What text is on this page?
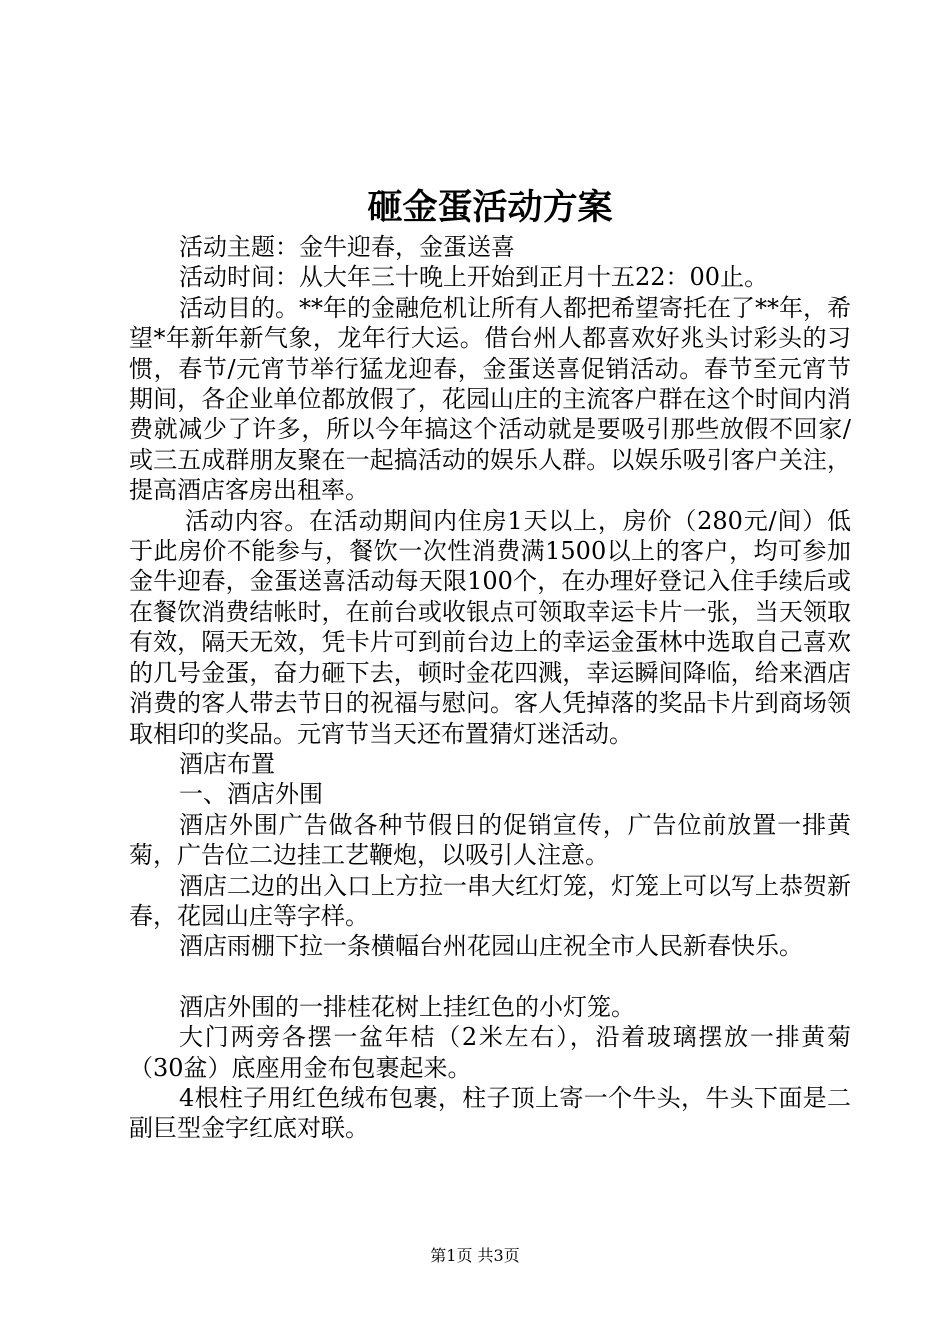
砸金蛋活动方案

活动主题：金牛迎春，金蛋送喜

活动时间：从大年三十晚上开始到正月十五22：00止。

活动目的。**年的金融危机让所有人都把希望寄托在了**年，希望*年新年新气象，龙年行大运。借台州人都喜欢好兆头讨彩头的习惯，春节/元宵节举行猛龙迎春，金蛋送喜促销活动。春节至元宵节期间，各企业单位都放假了，花园山庄的主流客户群在这个时间内消费就减少了许多，所以今年搞这个活动就是要吸引那些放假不回家/或三五成群朋友聚在一起搞活动的娱乐人群。以娱乐吸引客户关注，提高酒店客房出租率。

活动内容。在活动期间内住房1天以上，房价（280元/间）低于此房价不能参与，餐饮一次性消费满1500以上的客户，均可参加金牛迎春，金蛋送喜活动每天限100个，在办理好登记入住手续后或在餐饮消费结帐时，在前台或收银点可领取幸运卡片一张，当天领取有效，隔天无效，凭卡片可到前台边上的幸运金蛋林中选取自己喜欢的几号金蛋，奋力砸下去，顿时金花四溅，幸运瞬间降临，给来酒店消费的客人带去节日的祝福与慰问。客人凭掉落的奖品卡片到商场领取相印的奖品。元宵节当天还布置猜灯迷活动。

酒店布置

一、酒店外围

酒店外围广告做各种节假日的促销宣传，广告位前放置一排黄菊，广告位二边挂工艺鞭炮，以吸引人注意。

酒店二边的出入口上方拉一串大红灯笼，灯笼上可以写上恭贺新春，花园山庄等字样。

酒店雨棚下拉一条横幅台州花园山庄祝全市人民新春快乐。

酒店外围的一排桂花树上挂红色的小灯笼。

大门两旁各摆一盆年桔（2米左右），沿着玻璃摆放一排黄菊（30盆）底座用金布包裹起来。

4根柱子用红色绒布包裹，柱子顶上寄一个牛头，牛头下面是二副巨型金字红底对联。

第1页 共3页
